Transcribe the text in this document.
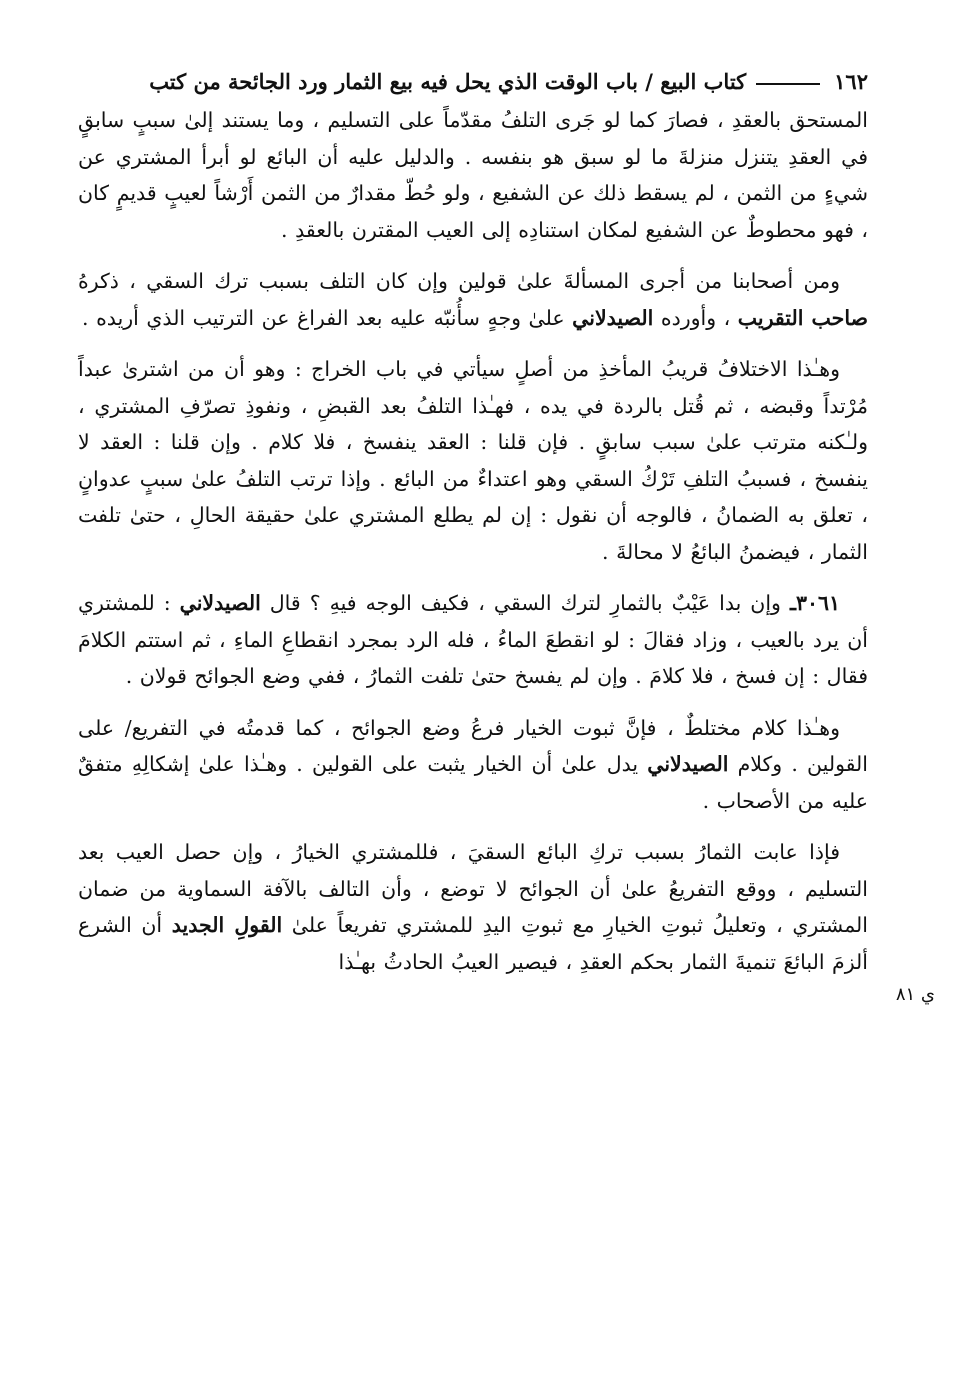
١٦٢كتاب البيع / باب الوقت الذي يحل فيه بيع الثمار ورد الجائحة من كتب

المستحق بالعقدِ ، فصارَ كما لو جَرى التلفُ مقدّماً على التسليم ، وما يستند إلىٰ سببٍ سابقٍ في العقدِ يتنزل منزلةَ ما لو سبق هو بنفسه . والدليل عليه أن البائع لو أبرأ المشتري عن شيءٍ من الثمن ، لم يسقط ذلك عن الشفيع ، ولو حُطّ مقدارٌ من الثمن أَرْشاً لعيبٍ قديمٍ كان ، فهو محطوطٌ عن الشفيع لمكان استنادِه إلى العيب المقترن بالعقدِ .

ومن أصحابنا من أجرى المسألةَ علىٰ قولين وإن كان التلف بسبب ترك السقي ، ذكرهُ صاحب التقريب ، وأورده الصيدلاني علىٰ وجهٍ سأُنبّه عليه بعد الفراغ عن الترتيب الذي أريده .

وهـٰذا الاختلافُ قريبُ المأخذِ من أصلٍ سيأتي في باب الخراج : وهو أن من اشترىٰ عبداً مُرْتداً وقبضه ، ثم قُتل بالردة في يده ، فهـٰذا التلفُ بعد القبضِ ، ونفوذِ تصرّفِ المشتري ، ولـٰكنه مترتب علىٰ سبب سابقٍ . فإن قلنا : العقد ينفسخ ، فلا كلام . وإن قلنا : العقد لا ينفسخ ، فسببُ التلفِ تَرْكُ السقي وهو اعتداءٌ من البائع . وإذا ترتب التلفُ علىٰ سببٍ عدوانٍ ، تعلق به الضمانُ ، فالوجه أن نقول : إن لم يطلع المشتري علىٰ حقيقة الحالِ ، حتىٰ تلفت الثمار ، فيضمنُ البائعُ لا محالةَ .

٣٠٦١ـ وإن بدا عَيْبٌ بالثمارِ لترك السقي ، فكيف الوجه فيهِ ؟ قال الصيدلاني : للمشتري أن يرد بالعيب ، وزاد فقالَ : لو انقطعَ الماءُ ، فله الرد بمجرد انقطاعِ الماءِ ، ثم استتم الكلامَ فقال : إن فسخ ، فلا كلامَ . وإن لم يفسخ حتىٰ تلفت الثمارُ ، ففي وضع الجوائح قولان .

وهـٰذا كلام مختلطٌ ، فإنَّ ثبوت الخيار فرعُ وضع الجوائح ، كما قدمتُه في التفريع/ على القولين . وكلام الصيدلاني يدل علىٰ أن الخيار يثبت على القولين . وهـٰذا علىٰ إشكالِهِ متفقٌ عليه من الأصحاب .

فإذا عابت الثمارُ بسبب تركِ البائع السقيَ ، فللمشتري الخيارُ ، وإن حصل العيب بعد التسليم ، ووقع التفريعُ علىٰ أن الجوائح لا توضع ، وأن التالف بالآفة السماوية من ضمان المشتري ، وتعليلُ ثبوتِ الخيارِ مع ثبوتِ اليدِ للمشتري تفريعاً علىٰ القولِ الجديد أن الشرع ألزمَ البائعَ تنميةَ الثمار بحكم العقدِ ، فيصير العيبُ الحادثُ بهـٰذا

ي ٨١
